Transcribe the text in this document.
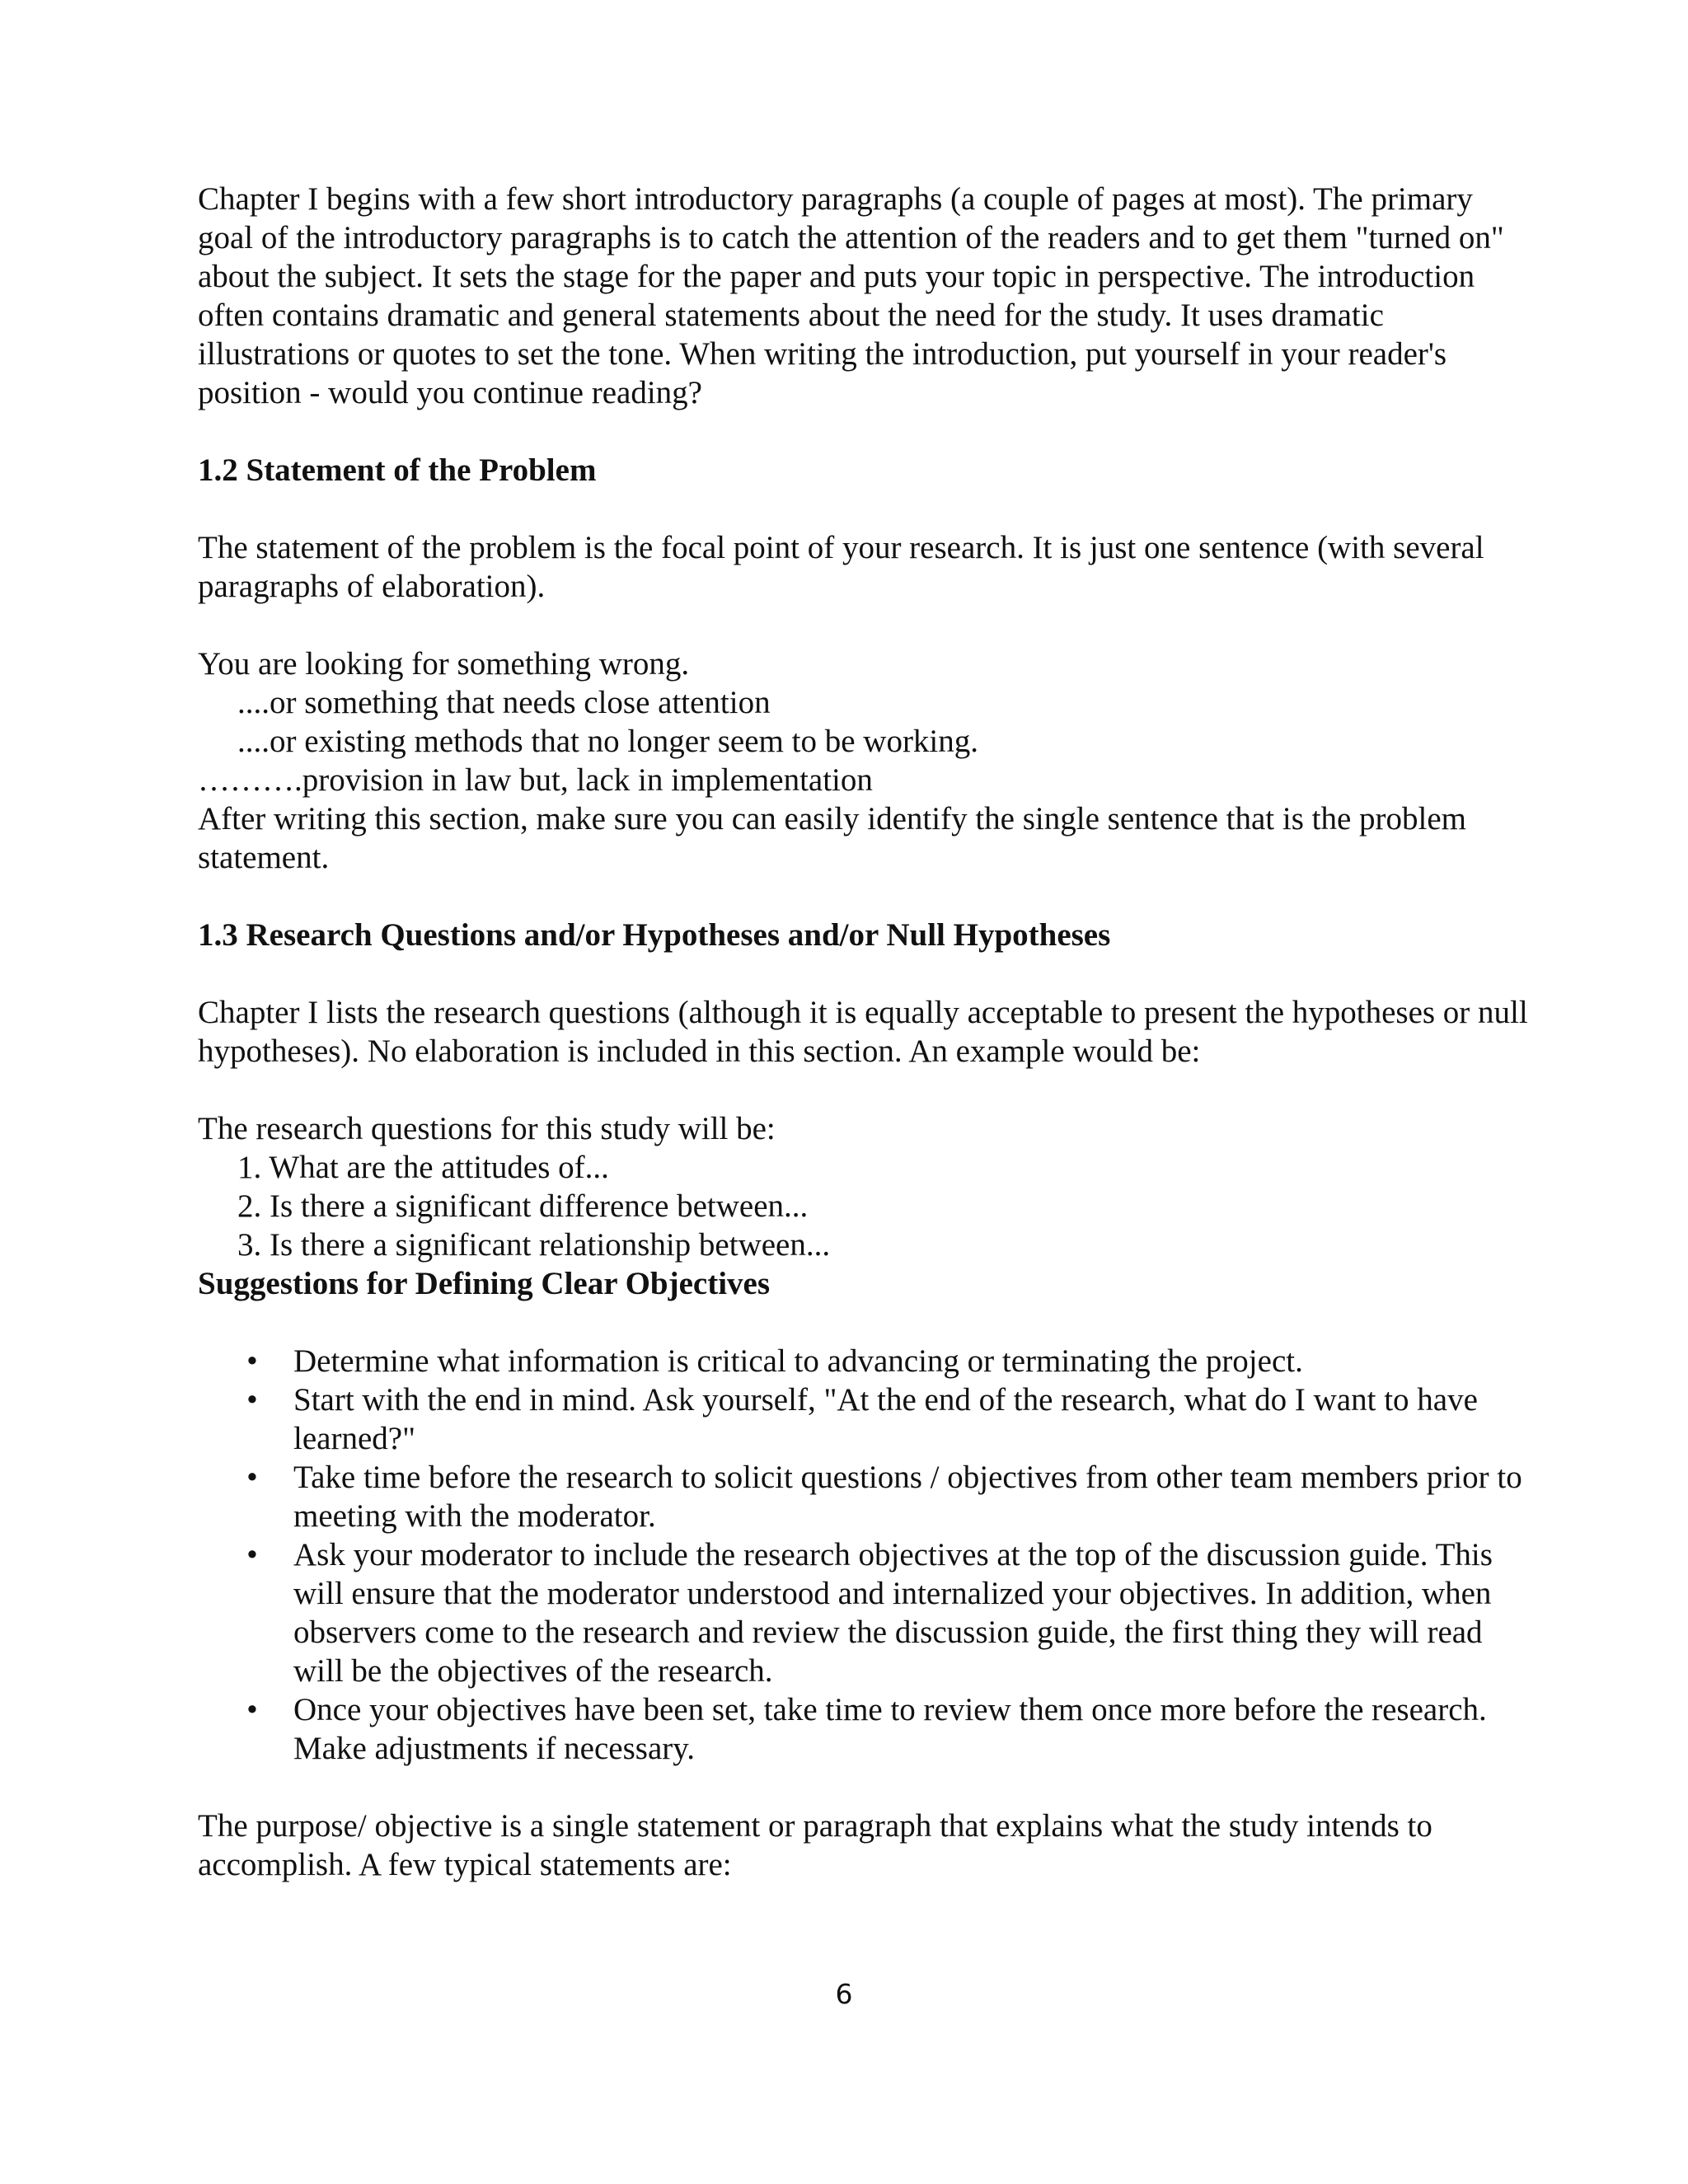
Chapter I begins with a few short introductory paragraphs (a couple of pages at most). The primary goal of the introductory paragraphs is to catch the attention of the readers and to get them "turned on" about the subject. It sets the stage for the paper and puts your topic in perspective. The introduction often contains dramatic and general statements about the need for the study. It uses dramatic illustrations or quotes to set the tone. When writing the introduction, put yourself in your reader's position - would you continue reading?

1.2 Statement of the Problem

The statement of the problem is the focal point of your research. It is just one sentence (with several paragraphs of elaboration).

You are looking for something wrong.

....or something that needs close attention

....or existing methods that no longer seem to be working.

……….provision in law but, lack in implementation

After writing this section, make sure you can easily identify the single sentence that is the problem statement.

1.3 Research Questions and/or Hypotheses and/or Null Hypotheses

Chapter I lists the research questions (although it is equally acceptable to present the hypotheses or null hypotheses). No elaboration is included in this section. An example would be:

The research questions for this study will be:

1. What are the attitudes of...
2. Is there a significant difference between...
3. Is there a significant relationship between...

Suggestions for Defining Clear Objectives

• Determine what information is critical to advancing or terminating the project.
• Start with the end in mind. Ask yourself, "At the end of the research, what do I want to have learned?"
• Take time before the research to solicit questions / objectives from other team members prior to meeting with the moderator.
• Ask your moderator to include the research objectives at the top of the discussion guide. This will ensure that the moderator understood and internalized your objectives. In addition, when observers come to the research and review the discussion guide, the first thing they will read will be the objectives of the research.
• Once your objectives have been set, take time to review them once more before the research. Make adjustments if necessary.

The purpose/ objective is a single statement or paragraph that explains what the study intends to accomplish. A few typical statements are:

6
